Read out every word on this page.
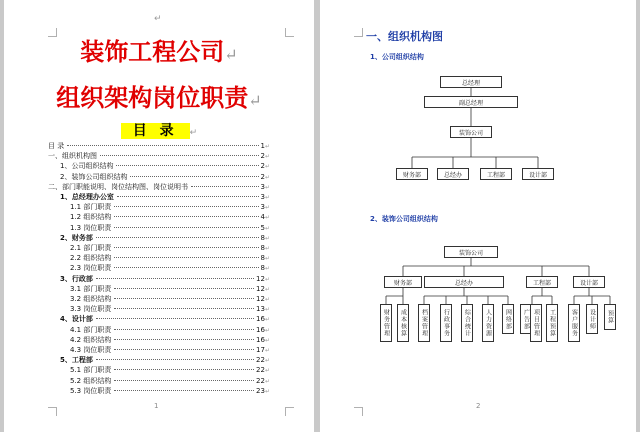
↵
装饰工程公司↵
组织架构岗位职责↵
目 录 ↵
目 录	1 ↵
一、组织机构图	2 ↵
1、公司组织结构	2 ↵
2、装饰公司组织结构	2 ↵
二、部门职能说明、岗位结构图、岗位说明书	3 ↵
1、总经理办公室	3 ↵
1.1 部门职责	3 ↵
1.2 组织结构	4 ↵
1.3 岗位职责	5 ↵
2、财务部	8 ↵
2.1 部门职责	8 ↵
2.2 组织结构	8 ↵
2.3 岗位职责	8 ↵
3、行政部	12 ↵
3.1 部门职责	12 ↵
3.2 组织结构	12 ↵
3.3 岗位职责	13 ↵
4、设计部	16 ↵
4.1 部门职责	16 ↵
4.2 组织结构	16 ↵
4.3 岗位职责	17 ↵
5、工程部	22 ↵
5.1 部门职责	22 ↵
5.2 组织结构	22 ↵
5.3 岗位职责	23 ↵
1
一、组织机构图
1、公司组织结构
总经理
副总经理
装饰公司
财务部	总经办	工程部	设计部
2、装饰公司组织结构
装饰公司
财务部	总经办	工程部	设计部
财务管理	成本核算	档案管理	行政事务	综合统计	人力资源	网络部	广告部 项目管理	工程预算	客户服务	设计师	预算
2
